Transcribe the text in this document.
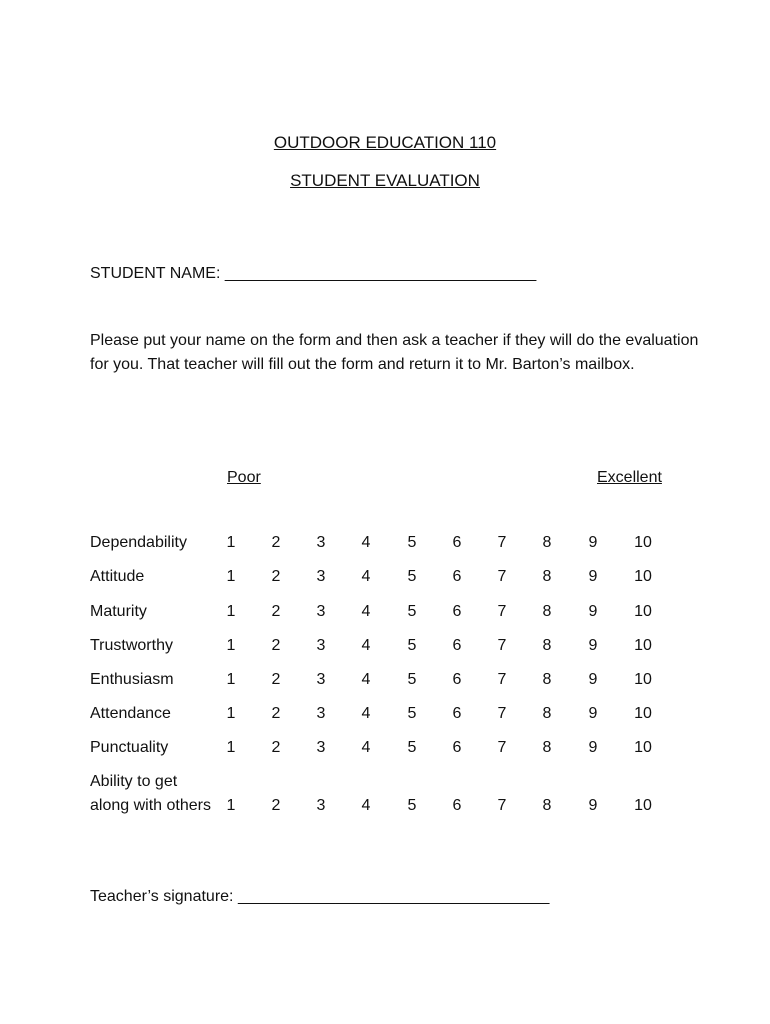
OUTDOOR EDUCATION 110
STUDENT EVALUATION
STUDENT NAME: ___________________________________
Please put your name on the form and then ask a teacher if they will do the evaluation for you. That teacher will fill out the form and return it to Mr. Barton’s mailbox.
Poor	Excellent
Dependability	1	2	3	4	5	6	7	8	9	10
Attitude	1	2	3	4	5	6	7	8	9	10
Maturity	1	2	3	4	5	6	7	8	9	10
Trustworthy	1	2	3	4	5	6	7	8	9	10
Enthusiasm	1	2	3	4	5	6	7	8	9	10
Attendance	1	2	3	4	5	6	7	8	9	10
Punctuality	1	2	3	4	5	6	7	8	9	10
Ability to get
along with others 1	2	3	4	5	6	7	8	9	10
Teacher’s signature: ___________________________________
